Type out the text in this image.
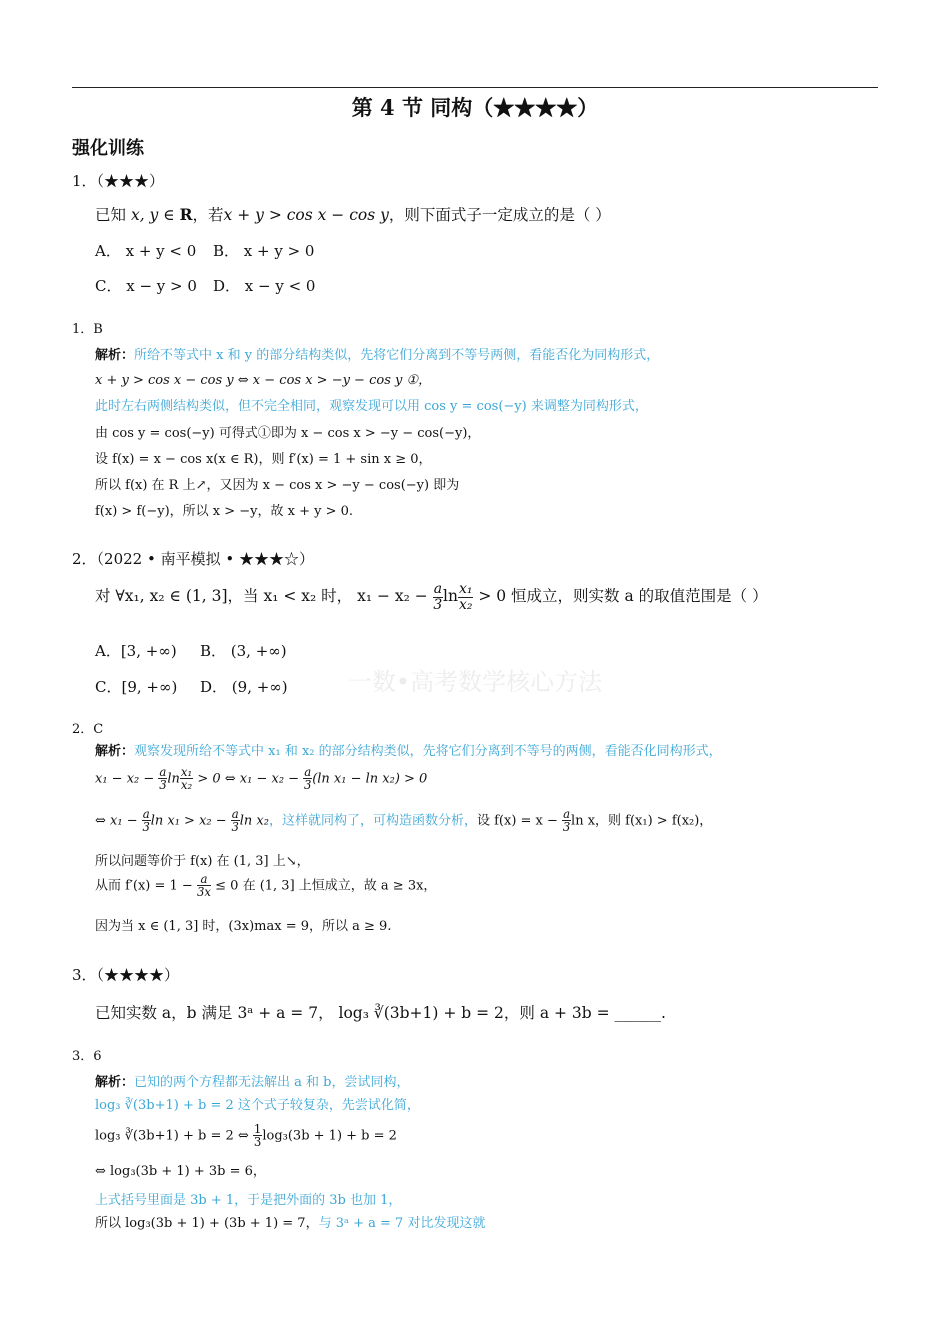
第 4 节 同构（★★★★）
强化训练
一数•高考数学核心方法
1．（★★★）
已知 x, y ∈ R，若x + y > cos x − cos y，则下面式子一定成立的是（ ）
A． x + y < 0 B． x + y > 0
C． x − y > 0 D． x − y < 0
1．B
解析：所给不等式中 x 和 y 的部分结构类似，先将它们分离到不等号两侧，看能否化为同构形式，
x + y > cos x − cos y ⇔ x − cos x > −y − cos y ①，
此时左右两侧结构类似，但不完全相同，观察发现可以用 cos y = cos(−y) 来调整为同构形式，
由 cos y = cos(−y) 可得式①即为 x − cos x > −y − cos(−y)，
设 f(x) = x − cos x(x ∈ R)，则 f′(x) = 1 + sin x ≥ 0，
所以 f(x) 在 R 上↗，又因为 x − cos x > −y − cos(−y) 即为
f(x) > f(−y)，所以 x > −y，故 x + y > 0.
2．（2022 • 南平模拟 • ★★★☆）
对 ∀x₁, x₂ ∈ (1, 3]，当 x₁ < x₂ 时， $x_1 - x_2 - \frac{a}{3}$ $\ln \frac{\text{x₁}}{\text{x₂}} > 0$ 恒成立，则实数 a 的取值范围是（ ）
A．[3, +∞) B． (3, +∞)
C．[9, +∞) D． (9, +∞)
2．C
解析：观察发现所给不等式中 x₁ 和 x₂ 的部分结构类似，先将它们分离到不等号的两侧，看能否化同构形式，
$x_1 - x_2 - \frac{a}{3}$ $\ln \frac{\text{x₁}}{\text{x₂}} > 0$ ⇔ $x_1 - x_2 - \frac{a}{3} (\ln$ x₁ − ln x₂) > 0
⇔ $x_1 - \frac{a}{3}$ $\ln x_1 > x_2 - \frac{a}{3}$ ln x₂，这样就同构了，可构造函数分析，设 $f(x) = x - \frac{a}{3}$ ln x，则 f(x₁) > f(x₂)，
所以问题等价于 f(x) 在 (1, 3] 上↘，
从而 $f'(x) = 1 - \frac{a}{3x} \le 0$ 在 (1, 3] 上恒成立，故 a ≥ 3x，
因为当 x ∈ (1, 3] 时，(3x)max = 9，所以 a ≥ 9.
3．（★★★★）
已知实数 a，b 满足 3ᵃ + a = 7， log₃ ∛(3b+1) + b = 2，则 a + 3b = ______.
3．6
解析：已知的两个方程都无法解出 a 和 b，尝试同构，
log₃ ∛(3b+1) + b = 2 这个式子较复杂，先尝试化简，
log₃ ∛(3b+1) + b = 2 ⇔ $\frac{1}{3} \log_3(3b + 1) + b = 2$
⇔ log₃(3b + 1) + 3b = 6，
上式括号里面是 3b + 1，于是把外面的 3b 也加 1，
所以 log₃(3b + 1) + (3b + 1) = 7，与 3ᵃ + a = 7 对比发现这就
